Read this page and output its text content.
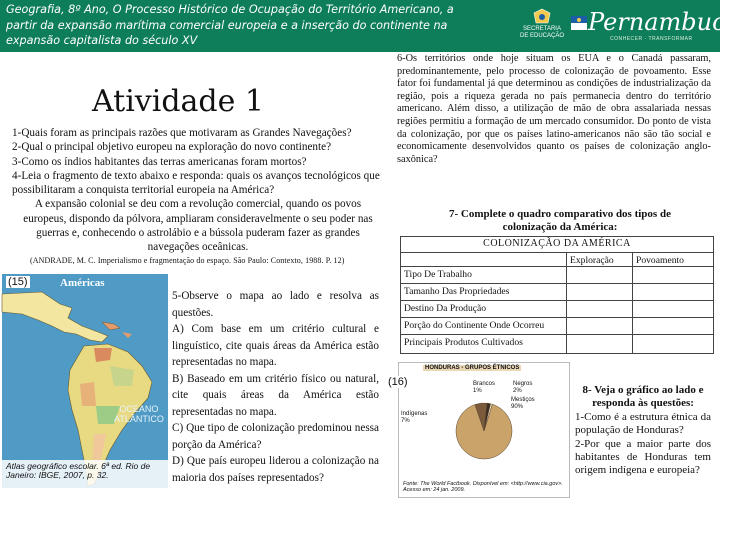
Geografia, 8º Ano, O Processo Histórico de Ocupação do Território Americano, a partir da expansão marítima comercial europeia e a inserção do continente na expansão capitalista do século XV
SECRETARIA
DE EDUCAÇÃO Pernambuco
CONHECER · TRANSFORMAR
Atividade 1

1-Quais foram as principais razões que motivaram as Grandes Navegações?

2-Qual o principal objetivo europeu na exploração do novo continente?

3-Como os índios habitantes das terras americanas foram mortos?

4-Leia o fragmento de texto abaixo e responda: quais os avanços tecnológicos que possibilitaram a conquista territorial europeia na América?

A expansão colonial se deu com a revolução comercial, quando os povos europeus, dispondo da pólvora, ampliaram consideravelmente o seu poder nas guerras e, conhecendo o astrolábio e a bússola puderam fazer as grandes navegações oceânicas.

(ANDRADE, M. C. Imperialismo e fragmentação do espaço. São Paulo: Contexto, 1988. P. 12)
(15)	Américas
OCEANO
ATLÂNTICO
Atlas geográfico escolar. 6ª ed. Rio de Janeiro: IBGE, 2007, p. 32.

5-Observe o mapa ao lado e resolva as questões.

A) Com base em um critério cultural e linguístico, cite quais áreas da América estão representadas no mapa.

B) Baseado em um critério físico ou natural, cite quais áreas da América estão representadas no mapa.

C) Que tipo de colonização predominou nessa porção da América?

D) Que país europeu liderou a colonização na maioria dos países representados?

6-Os territórios onde hoje situam os EUA e o Canadá passaram, predominantemente, pelo processo de colonização de povoamento. Esse fator foi fundamental já que determinou as condições de industrialização da região, pois a riqueza gerada no país permanecia dentro do território americano. Além disso, a utilização de mão de obra assalariada nessas regiões permitiu a formação de um mercado consumidor. Do ponto de vista da colonização, por que os países latino-americanos não são tão social e economicamente desenvolvidos quanto os países de colonização anglo-saxônica?
7- Complete o quadro comparativo dos tipos de colonização da América:
COLONIZAÇÃO DA AMÉRICA
Exploração Povoamento
Tipo De Trabalho
Tamanho Das Propriedades
Destino Da Produção
Porção do Continente Onde Ocorreu
Principais Produtos Cultivados
HONDURAS - GRUPOS ÉTNICOS
Brancos
1%
Negros
2%
Mestiços
90%
Indígenas
7%
Fonte: The World Factbook. Disponível em: <http://www.cia.gov>. Acesso em: 24 jan. 2009.
(16)

8- Veja o gráfico ao lado e responda às questões:

1-Como é a estrutura étnica da população de Honduras?

2-Por que a maior parte dos habitantes de Honduras tem origem indígena e europeia?
